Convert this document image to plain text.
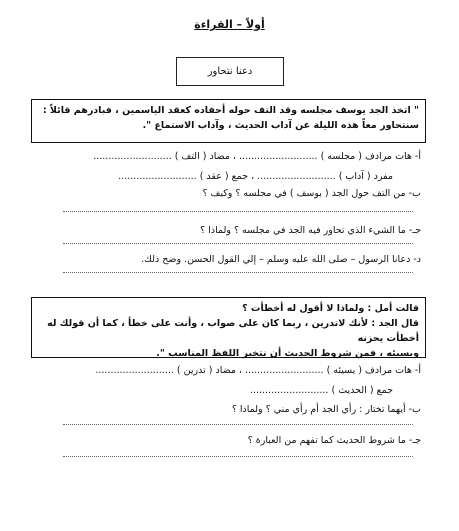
أولاً – القراءة
دعنا نتحاور
" اتخذ الجد يوسف مجلسه وقد التف حوله أحفاده كعقد الياسمين ، فبادرهم قائلاً : سنتحاور معاً هذه الليلة عن آداب الحديث ، وآداب الاستماع ".
أ- هات مرادف ( مجلسه ) .......................... ، مضاد ( التف ) ..........................
مفرد ( آداب ) .......................... ، جمع ( عقد ) ..........................
ب- من التف حول الجد ( يوسف ) في مجلسه ؟ وكيف ؟
جـ- ما الشيء الذي تحاور فيه الجد في مجلسه ؟ ولماذا ؟
د- دعانا الرسول – صلى الله عليه وسلم – إلي القول الحسن. وضح ذلك.
قالت أمل : ولماذا لا أقول له أخطأت ؟
قال الجد : لأنك لاتدرين ، ربما كان على صواب ، وأنت على خطأ ، كما أن قولك له أخطأت يحزنه
ويسيئه ، فمن شروط الحديث أن نتخير اللفظ المناسب ".
أ- هات مرادف ( يسيئه ) .......................... ، مضاد ( تدرين ) ..........................
جمع ( الحديث ) ..........................
ب- أيهما تختار : رأي الجد أم رأي مني ؟ ولماذا ؟
جـ- ما شروط الحديث كما تفهم من العبارة ؟
